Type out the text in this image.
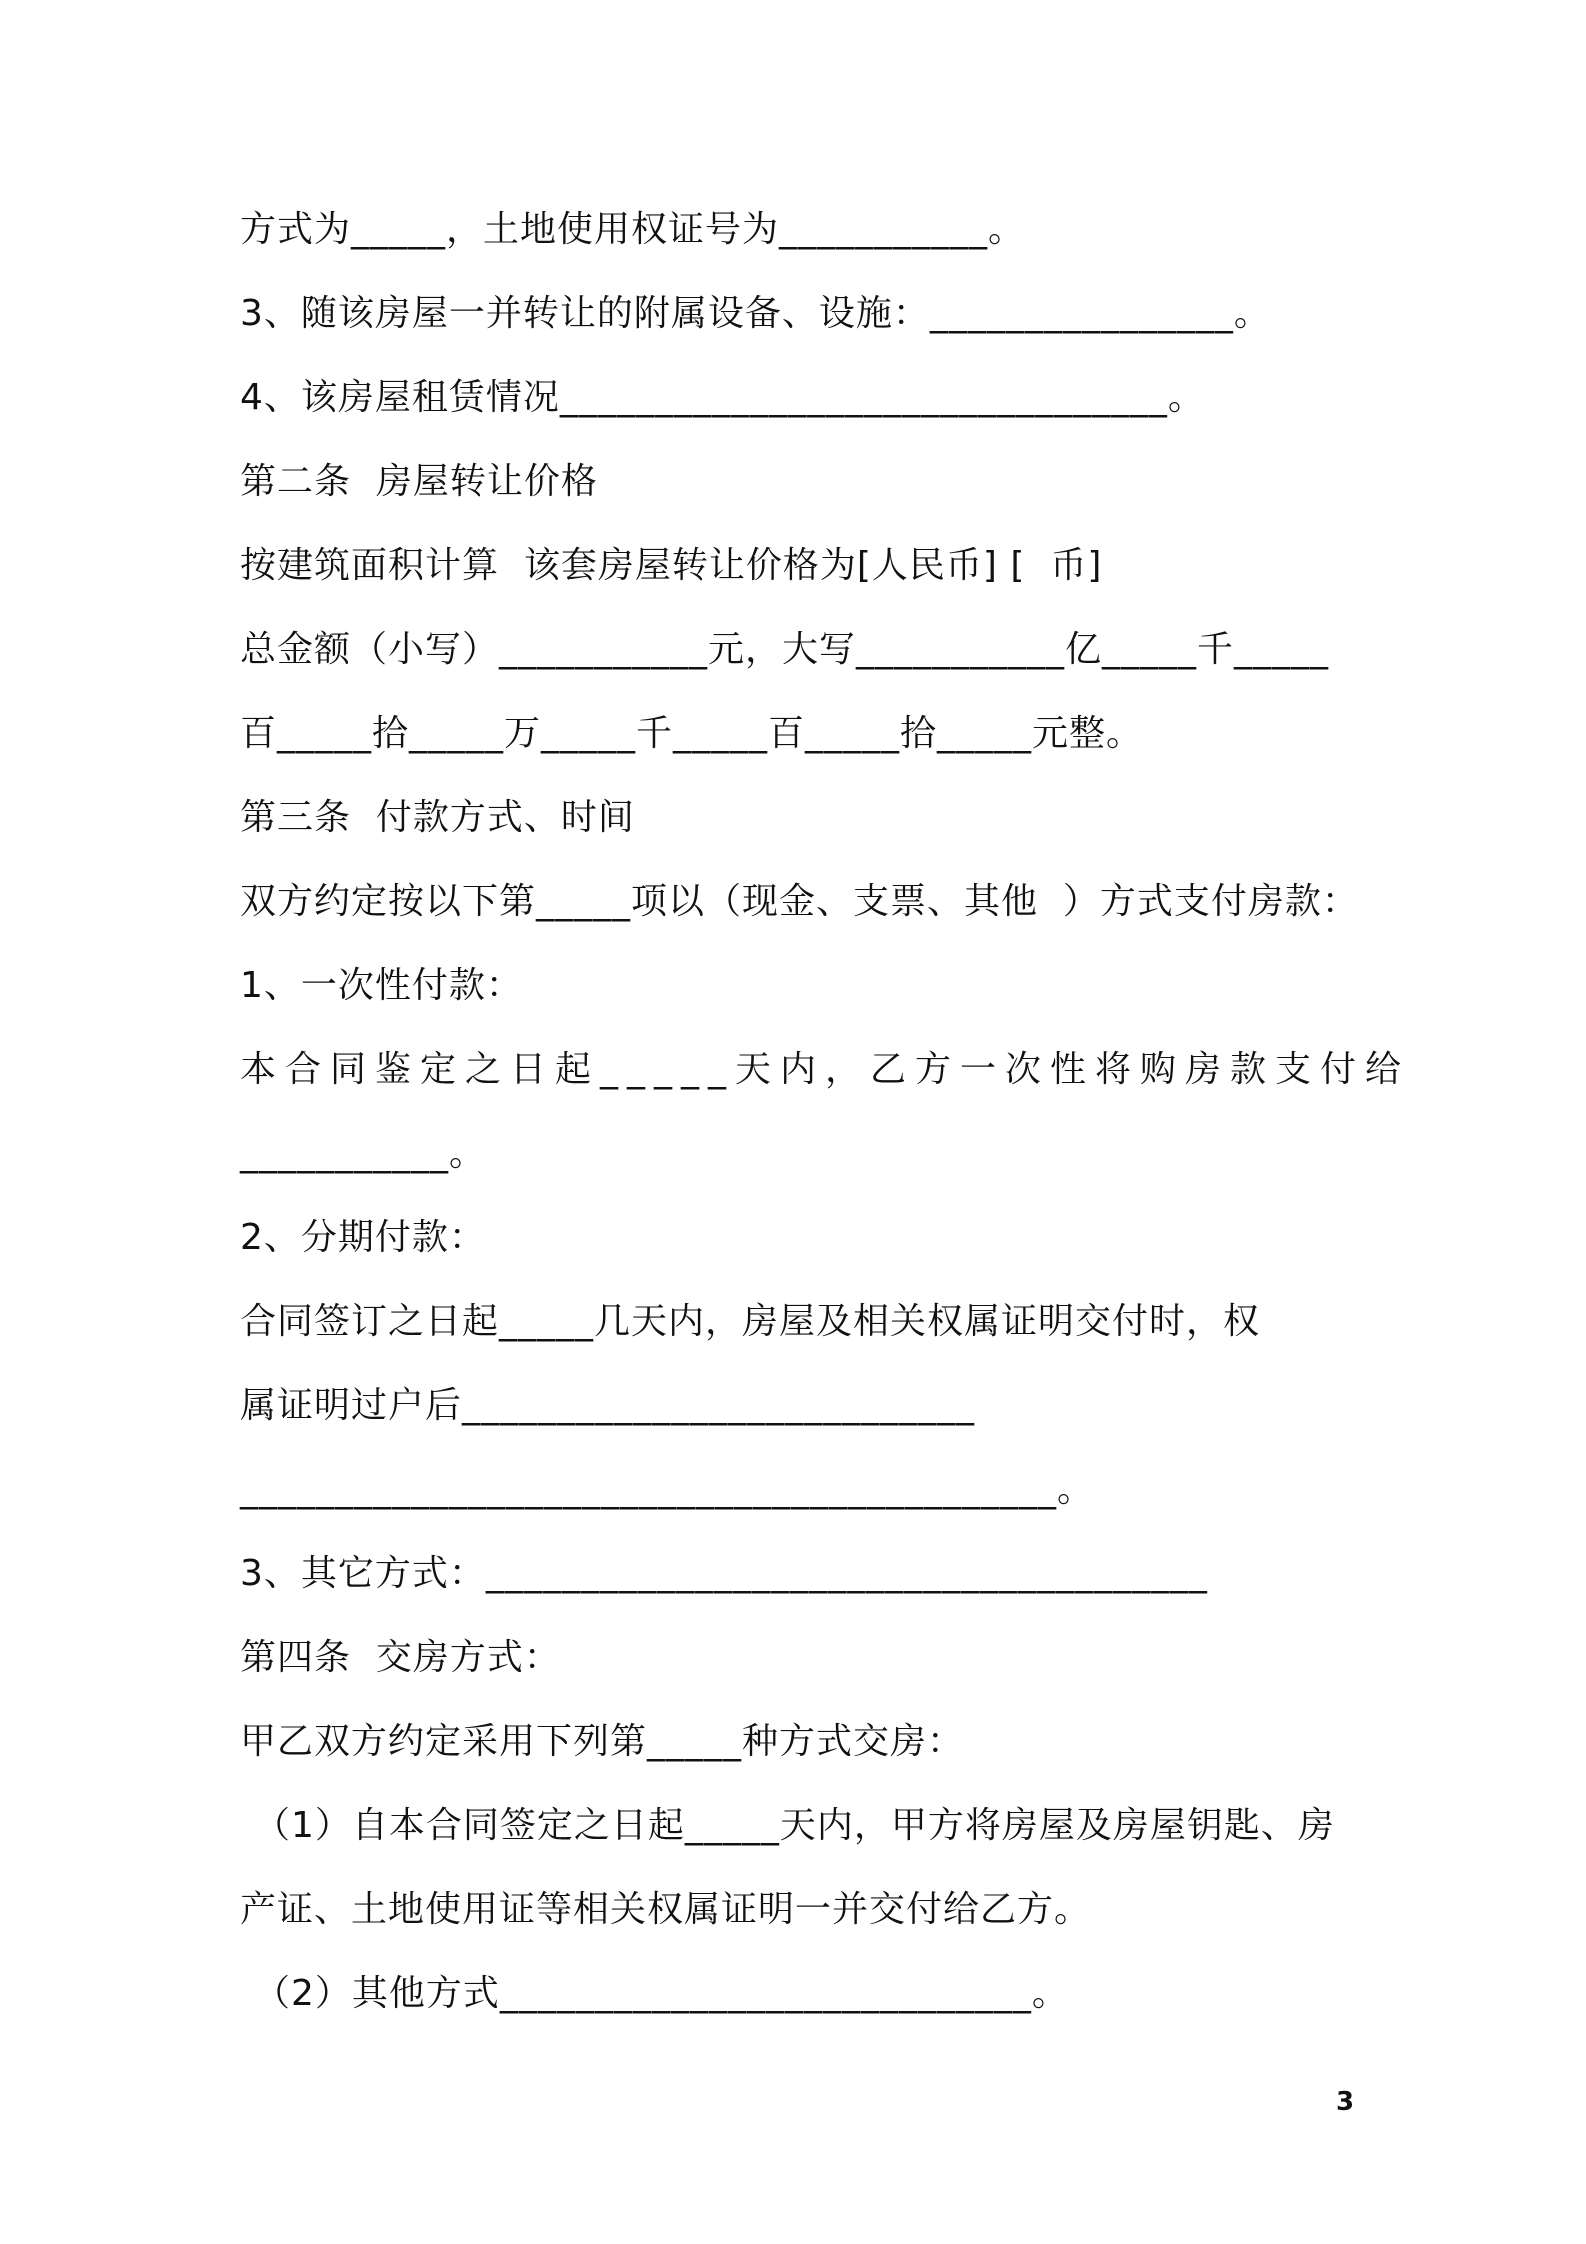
方式为_____，土地使用权证号为___________。
3、随该房屋一并转让的附属设备、设施：________________。
4、该房屋租赁情况________________________________。
第二条  房屋转让价格
按建筑面积计算  该套房屋转让价格为[人民币] [  币]
总金额（小写）___________元，大写___________亿_____千_____
百_____拾_____万_____千_____百_____拾_____元整。
第三条  付款方式、时间
双方约定按以下第_____项以（现金、支票、其他  ）方式支付房款：
1、一次性付款：
本合同鉴定之日起_____天内，乙方一次性将购房款支付给
___________。
2、分期付款：
合同签订之日起_____几天内，房屋及相关权属证明交付时，权
属证明过户后___________________________
___________________________________________。
3、其它方式：______________________________________
第四条  交房方式：
甲乙双方约定采用下列第_____种方式交房：
（1）自本合同签定之日起_____天内，甲方将房屋及房屋钥匙、房
产证、土地使用证等相关权属证明一并交付给乙方。
（2）其他方式____________________________。
3
